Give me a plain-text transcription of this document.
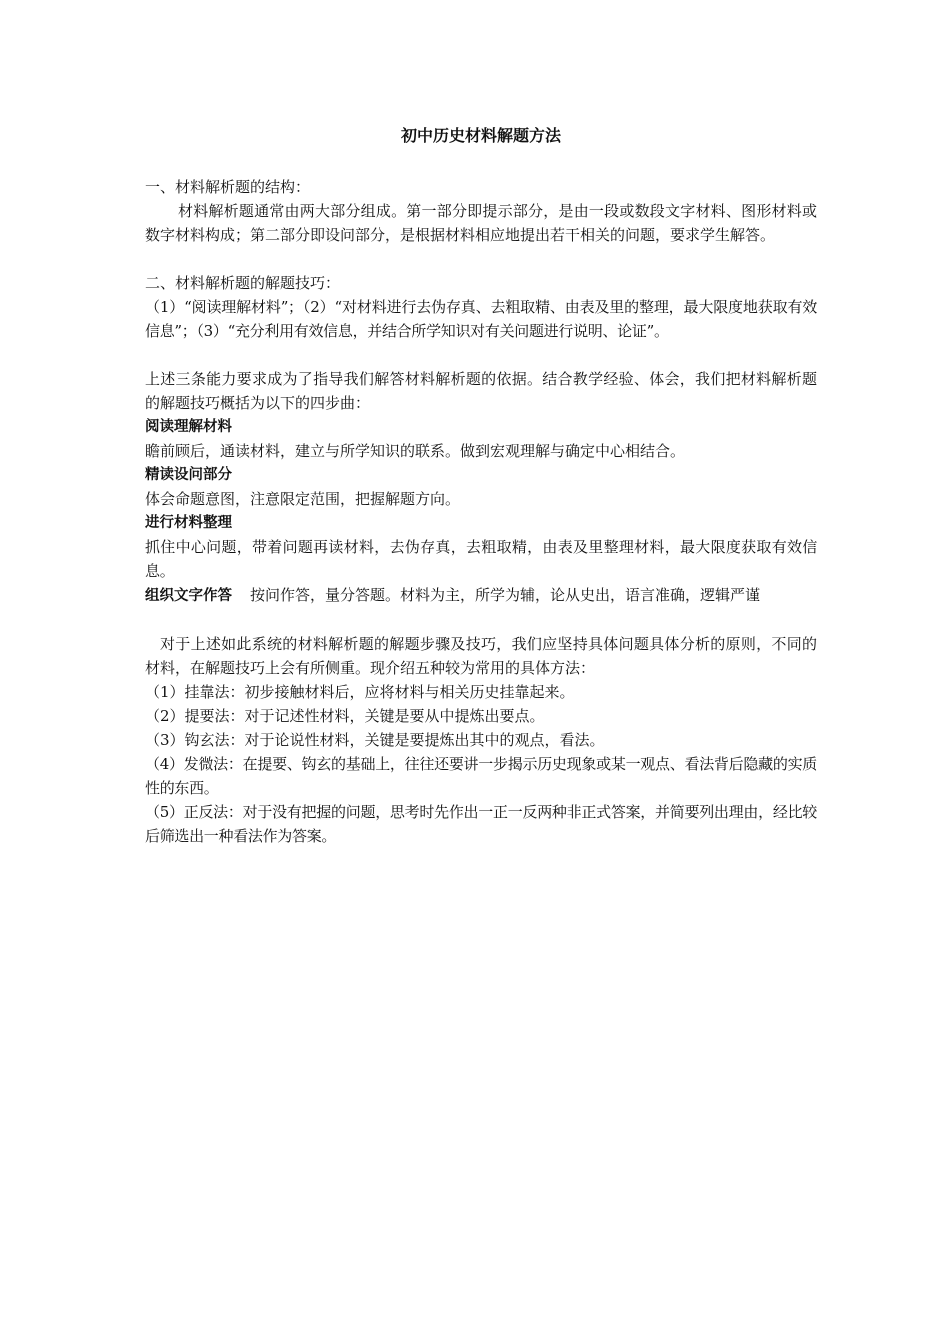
初中历史材料解题方法

一、材料解析题的结构：

材料解析题通常由两大部分组成。第一部分即提示部分，是由一段或数段文字材料、图形材料或数字材料构成；第二部分即设问部分，是根据材料相应地提出若干相关的问题，要求学生解答。

二、材料解析题的解题技巧：

（1）“阅读理解材料”；（2）“对材料进行去伪存真、去粗取精、由表及里的整理，最大限度地获取有效信息”；（3）“充分利用有效信息，并结合所学知识对有关问题进行说明、论证”。

上述三条能力要求成为了指导我们解答材料解析题的依据。结合教学经验、体会，我们把材料解析题的解题技巧概括为以下的四步曲：

阅读理解材料

瞻前顾后，通读材料，建立与所学知识的联系。做到宏观理解与确定中心相结合。

精读设问部分

体会命题意图，注意限定范围，把握解题方向。

进行材料整理

抓住中心问题，带着问题再读材料，去伪存真，去粗取精，由表及里整理材料，最大限度获取有效信息。

组织文字作答 按问作答，量分答题。材料为主，所学为辅，论从史出，语言准确，逻辑严谨

对于上述如此系统的材料解析题的解题步骤及技巧，我们应坚持具体问题具体分析的原则，不同的材料，在解题技巧上会有所侧重。现介绍五种较为常用的具体方法：

（1）挂靠法：初步接触材料后，应将材料与相关历史挂靠起来。

（2）提要法：对于记述性材料，关键是要从中提炼出要点。

（3）钩玄法：对于论说性材料，关键是要提炼出其中的观点，看法。

（4）发微法：在提要、钩玄的基础上，往往还要讲一步揭示历史现象或某一观点、看法背后隐藏的实质性的东西。

（5）正反法：对于没有把握的问题，思考时先作出一正一反两种非正式答案，并简要列出理由，经比较后筛选出一种看法作为答案。
